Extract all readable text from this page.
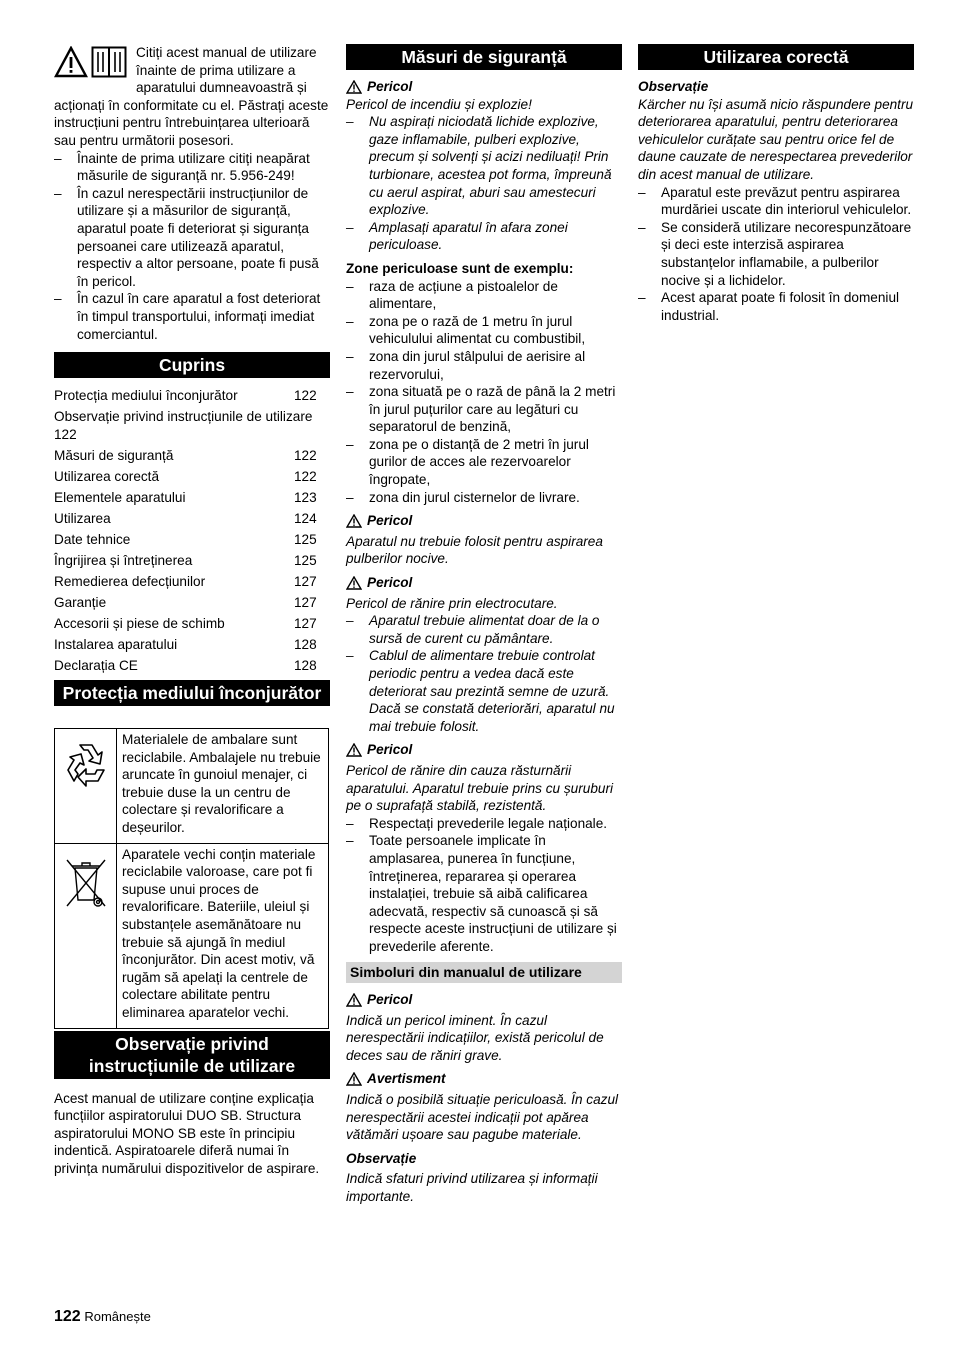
Citiți acest manual de utilizare înainte de prima utilizare a aparatului dumneavoastră și acționați în conformitate cu el. Păstrați aceste instrucțiuni pentru întrebuințarea ulterioară sau pentru următorii posesori.

– Înainte de prima utilizare citiți neapărat măsurile de siguranță nr. 5.956-249!
– În cazul nerespectării instrucțiunilor de utilizare și a măsurilor de siguranță, aparatul poate fi deteriorat și siguranța persoanei care utilizează aparatul, respectiv a altor persoane, poate fi pusă în pericol.
– În cazul în care aparatul a fost deteriorat în timpul transportului, informați imediat comerciantul.
Cuprins
Protecția mediului înconjurător	122
Observație privind instrucțiunile de utilizare 122
Măsuri de siguranță	122
Utilizarea corectă	122
Elementele aparatului	123
Utilizarea	124
Date tehnice	125
Îngrijirea și întreținerea	125
Remedierea defecțiunilor	127
Garanție	127
Accesorii și piese de schimb	127
Instalarea aparatului	128
Declarația CE	128
Protecția mediului înconjurător
	Materialele de ambalare sunt reciclabile. Ambalajele nu trebuie aruncate în gunoiul menajer, ci trebuie duse la un centru de colectare și revalorificare a deșeurilor.
	Aparatele vechi conțin materiale reciclabile valoroase, care pot fi supuse unui proces de revalorificare. Bateriile, uleiul și substanțele asemănătoare nu trebuie să ajungă în mediul înconjurător. Din acest motiv, vă rugăm să apelați la centrele de colectare abilitate pentru eliminarea aparatelor vechi.
Observație privind instrucțiunile de utilizare

Acest manual de utilizare conține explicația funcțiilor aspiratorului DUO SB. Structura aspiratorului MONO SB este în principiu indentică. Aspiratoarele diferă numai în privința numărului dispozitivelor de aspirare.

Măsuri de siguranță
Pericol

Pericol de incendiu și explozie!

– Nu aspirați niciodată lichide explozive, gaze inflamabile, pulberi explozive, precum și solvenți și acizi nediluați! Prin turbionare, acestea pot forma, împreună cu aerul aspirat, aburi sau amestecuri explozive.
– Amplasați aparatul în afara zonei periculoase.

Zone periculoase sunt de exemplu:

– raza de acțiune a pistoalelor de alimentare,
– zona pe o rază de 1 metru în jurul vehiculului alimentat cu combustibil,
– zona din jurul stâlpului de aerisire al rezervorului,
– zona situată pe o rază de până la 2 metri în jurul puțurilor care au legături cu separatorul de benzină,
– zona pe o distanță de 2 metri în jurul gurilor de acces ale rezervoarelor îngropate,
– zona din jurul cisternelor de livrare.
Pericol

Aparatul nu trebuie folosit pentru aspirarea pulberilor nocive.

Pericol

Pericol de rănire prin electrocutare.

– Aparatul trebuie alimentat doar de la o sursă de curent cu pământare.
– Cablul de alimentare trebuie controlat periodic pentru a vedea dacă este deteriorat sau prezintă semne de uzură. Dacă se constată deteriorări, aparatul nu mai trebuie folosit.
Pericol

Pericol de rănire din cauza răsturnării aparatului. Aparatul trebuie prins cu șuruburi pe o suprafață stabilă, rezistentă.

– Respectați prevederile legale naționale.
– Toate persoanele implicate în amplasarea, punerea în funcțiune, întreținerea, repararea și operarea instalației, trebuie să aibă calificarea adecvată, respectiv să cunoască și să respecte aceste instrucțiuni de utilizare și prevederile aferente.
Simboluri din manualul de utilizare
Pericol

Indică un pericol iminent. În cazul nerespectării indicațiilor, există pericolul de deces sau de răniri grave.

Avertisment

Indică o posibilă situație periculoasă. În cazul nerespectării acestei indicații pot apărea vătămări ușoare sau pagube materiale.

Observație

Indică sfaturi privind utilizarea și informații importante.

Utilizarea corectă
Observație

Kärcher nu își asumă nicio răspundere pentru deteriorarea aparatului, pentru deteriorarea vehiculelor curățate sau pentru orice fel de daune cauzate de nerespectarea prevederilor din acest manual de utilizare.

– Aparatul este prevăzut pentru aspirarea murdăriei uscate din interiorul vehiculelor.
– Se consideră utilizare necorespunzătoare și deci este interzisă aspirarea substanțelor inflamabile, a pulberilor nocive și a lichidelor.
– Acest aparat poate fi folosit în domeniul industrial.
122 Românește
